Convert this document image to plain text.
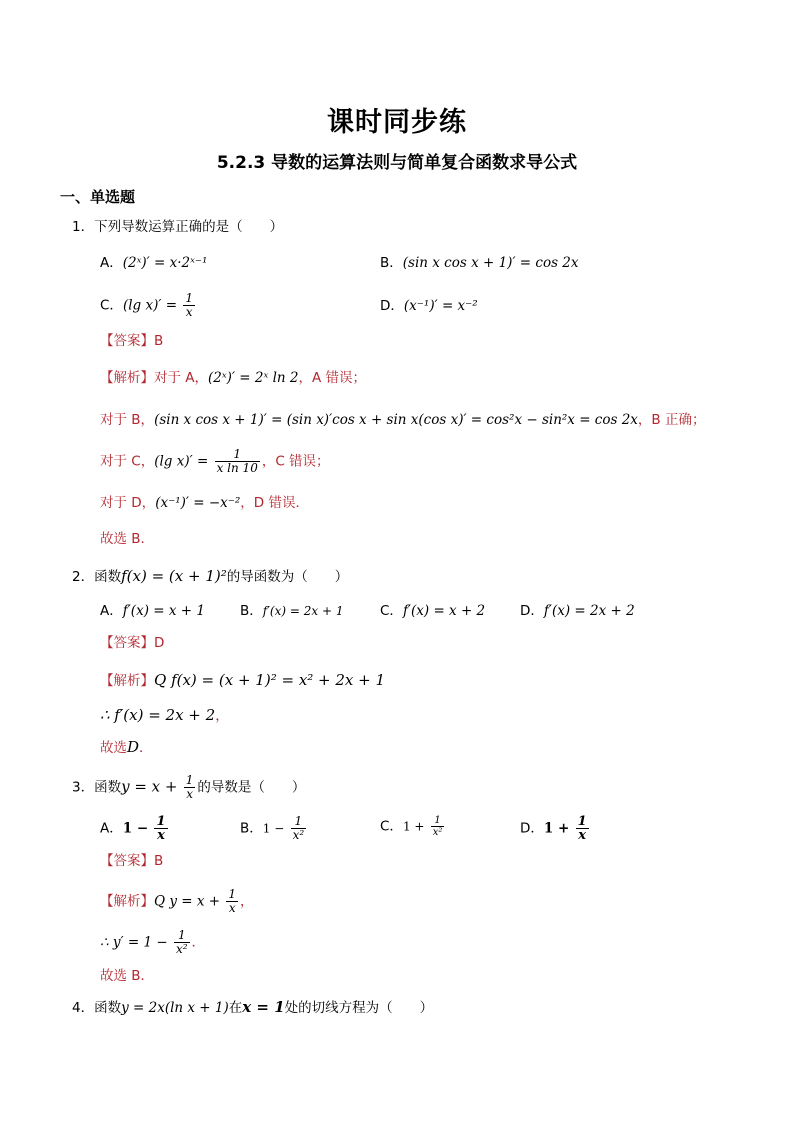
课时同步练
5.2.3 导数的运算法则与简单复合函数求导公式
一、单选题
1．下列导数运算正确的是（　　）
A．(2ˣ)′ = x·2ˣ⁻¹	B．(sin x cos x + 1)′ = cos 2x
C．(lg $x)' = \frac{1}{x}$	D．(x⁻¹)′ = x⁻²
【答案】B
【解析】对于 A，(2ˣ)′ = 2ˣ ln 2，A 错误；
对于 B，(sin x cos x + 1)′ = (sin x)′cos x + sin x(cos x)′ = cos²x − sin²x = cos 2x，B 正确；
对于 C，(lg $x)' = \frac{1}{\text{x ln 10}}$ ，C 错误；
对于 D，(x⁻¹)′ = −x⁻²，D 错误．
故选 B．
2．函数f(x) = (x + 1)²的导函数为（　　）
A．f′(x) = x + 1	B．f′(x) = 2x + 1	C．f′(x) = x + 2	D．f′(x) = 2x + 2
【答案】D
【解析】Q f(x) = (x + 1)² = x² + 2x + 1
∴ f′(x) = 2x + 2，
故选D．
3．函数$y = x + \frac{1}{x}$ 的导数是（　　）
A．$1 - \frac{1}{x}$	B．$1 - \frac{1}{\text{x²}}$	C．$1 + \frac{1}{\text{x²}}$	D．$1 + \frac{1}{x}$
【答案】B
【解析】Q $y = x + \frac{1}{x}$ ，
∴ $y' = 1 - \frac{1}{\text{x²}}$ ．
故选 B．
4．函数y = 2x(ln x + 1)在x = 1处的切线方程为（　　）
